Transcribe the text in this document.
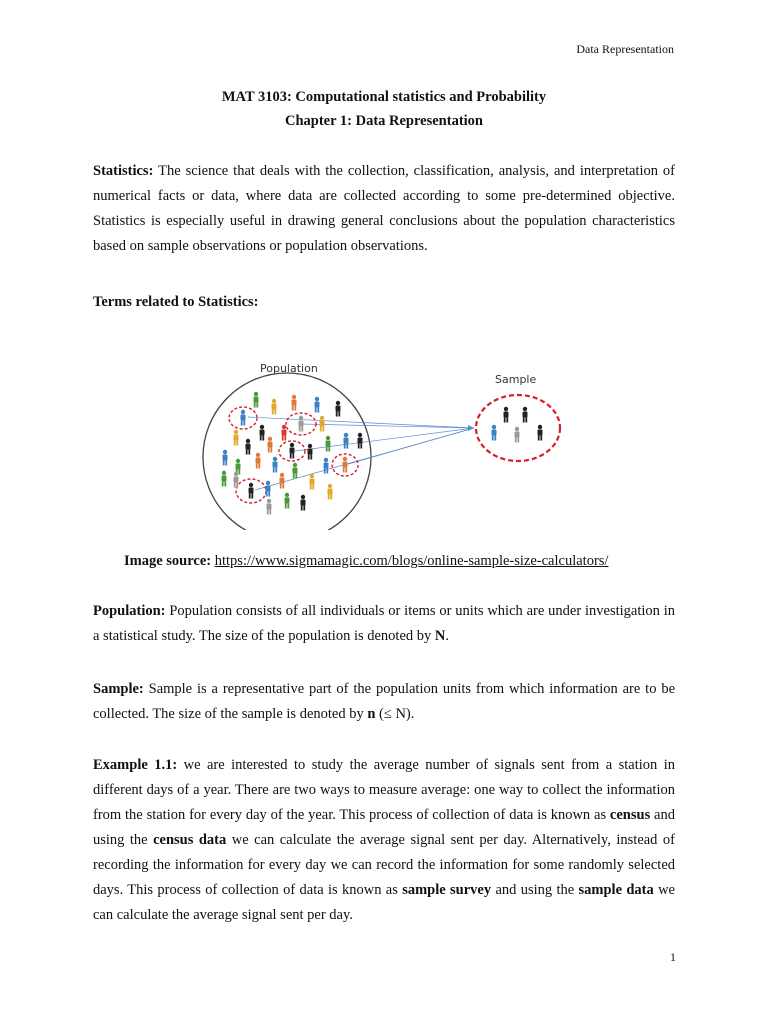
Data Representation
MAT 3103: Computational statistics and Probability
Chapter 1: Data Representation
Statistics: The science that deals with the collection, classification, analysis, and interpretation of numerical facts or data, where data are collected according to some pre-determined objective. Statistics is especially useful in drawing general conclusions about the population characteristics based on sample observations or population observations.
Terms related to Statistics:
Population
Sample
Image source: https://www.sigmamagic.com/blogs/online-sample-size-calculators/
Population: Population consists of all individuals or items or units which are under investigation in a statistical study. The size of the population is denoted by N.
Sample: Sample is a representative part of the population units from which information are to be collected. The size of the sample is denoted by n (≤ N).
Example 1.1: we are interested to study the average number of signals sent from a station in different days of a year. There are two ways to measure average: one way to collect the information from the station for every day of the year. This process of collection of data is known as census and using the census data we can calculate the average signal sent per day. Alternatively, instead of recording the information for every day we can record the information for some randomly selected days. This process of collection of data is known as sample survey and using the sample data we can calculate the average signal sent per day.
1
